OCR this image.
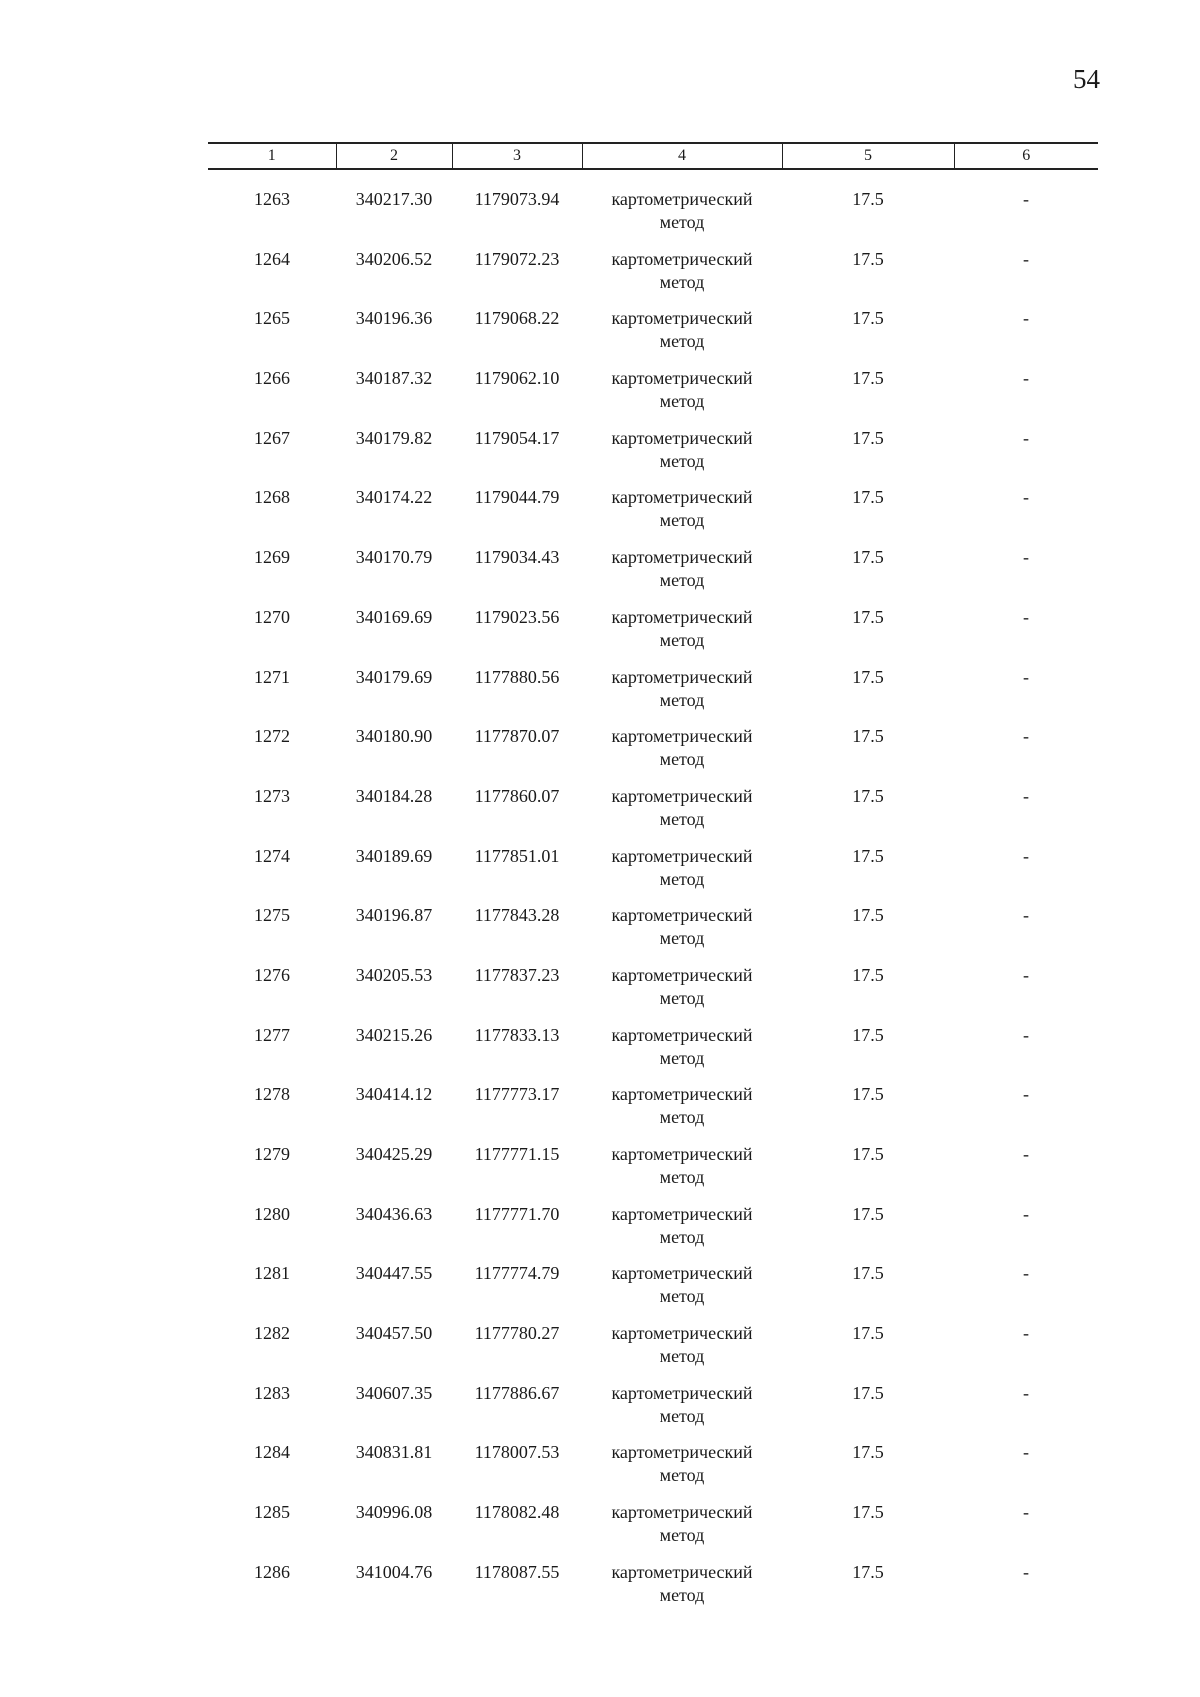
54
1	2	3	4	5	6

1263	340217.30	1179073.94	картометрический
метод	17.5	-
1264	340206.52	1179072.23	картометрический
метод	17.5	-
1265	340196.36	1179068.22	картометрический
метод	17.5	-
1266	340187.32	1179062.10	картометрический
метод	17.5	-
1267	340179.82	1179054.17	картометрический
метод	17.5	-
1268	340174.22	1179044.79	картометрический
метод	17.5	-
1269	340170.79	1179034.43	картометрический
метод	17.5	-
1270	340169.69	1179023.56	картометрический
метод	17.5	-
1271	340179.69	1177880.56	картометрический
метод	17.5	-
1272	340180.90	1177870.07	картометрический
метод	17.5	-
1273	340184.28	1177860.07	картометрический
метод	17.5	-
1274	340189.69	1177851.01	картометрический
метод	17.5	-
1275	340196.87	1177843.28	картометрический
метод	17.5	-
1276	340205.53	1177837.23	картометрический
метод	17.5	-
1277	340215.26	1177833.13	картометрический
метод	17.5	-
1278	340414.12	1177773.17	картометрический
метод	17.5	-
1279	340425.29	1177771.15	картометрический
метод	17.5	-
1280	340436.63	1177771.70	картометрический
метод	17.5	-
1281	340447.55	1177774.79	картометрический
метод	17.5	-
1282	340457.50	1177780.27	картометрический
метод	17.5	-
1283	340607.35	1177886.67	картометрический
метод	17.5	-
1284	340831.81	1178007.53	картометрический
метод	17.5	-
1285	340996.08	1178082.48	картометрический
метод	17.5	-
1286	341004.76	1178087.55	картометрический
метод	17.5	-
